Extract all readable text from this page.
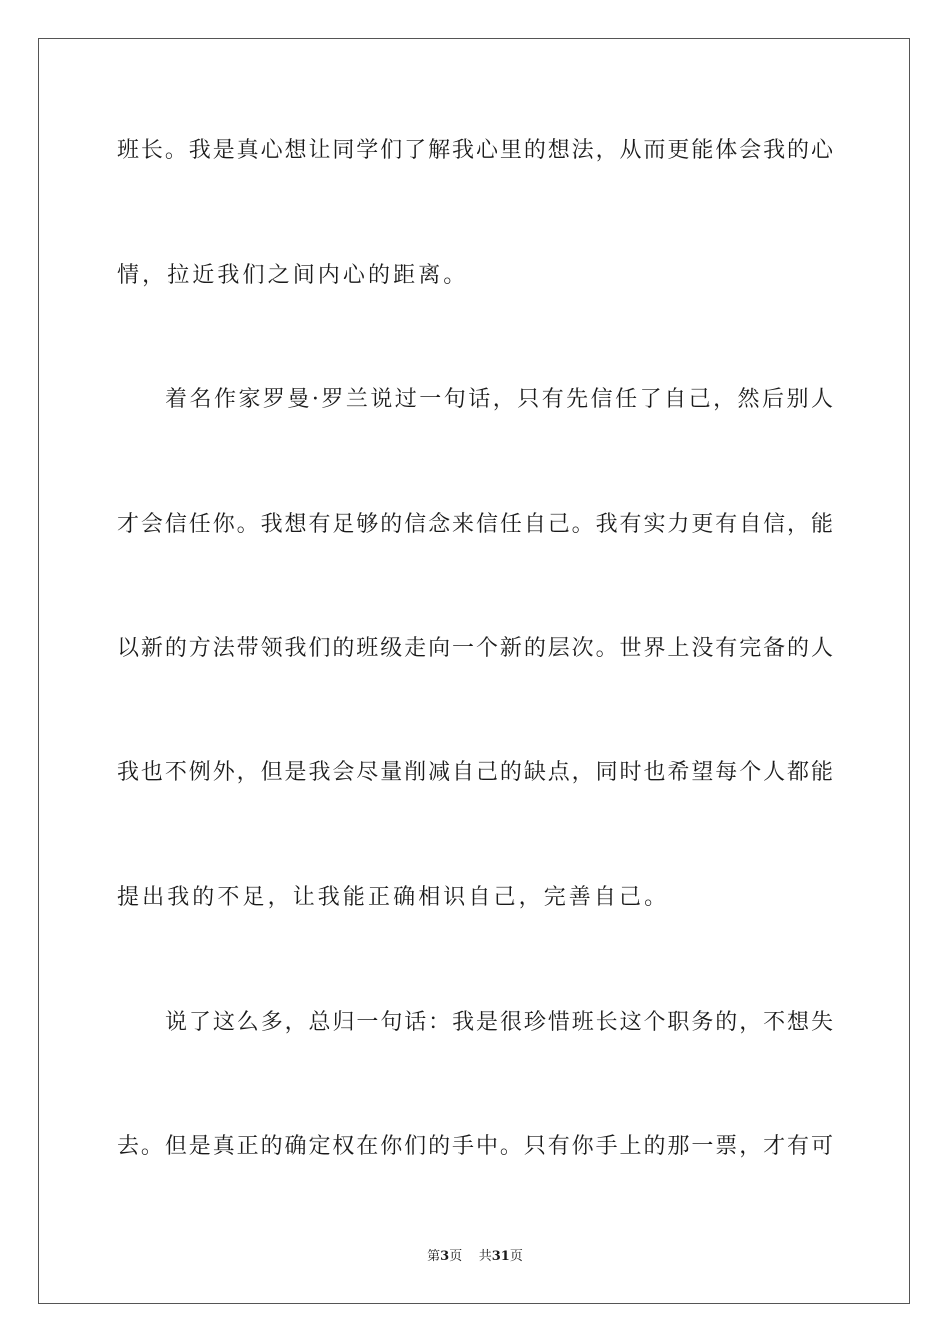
班长。我是真心想让同学们了解我心里的想法，从而更能体会我的心
情，拉近我们之间内心的距离。
着名作家罗曼·罗兰说过一句话，只有先信任了自己，然后别人
才会信任你。我想有足够的信念来信任自己。我有实力更有自信，能
以新的方法带领我们的班级走向一个新的层次。世界上没有完备的人
我也不例外，但是我会尽量削减自己的缺点，同时也希望每个人都能
提出我的不足，让我能正确相识自己，完善自己。
说了这么多，总归一句话：我是很珍惜班长这个职务的，不想失
去。但是真正的确定权在你们的手中。只有你手上的那一票，才有可
第3页 共31页
